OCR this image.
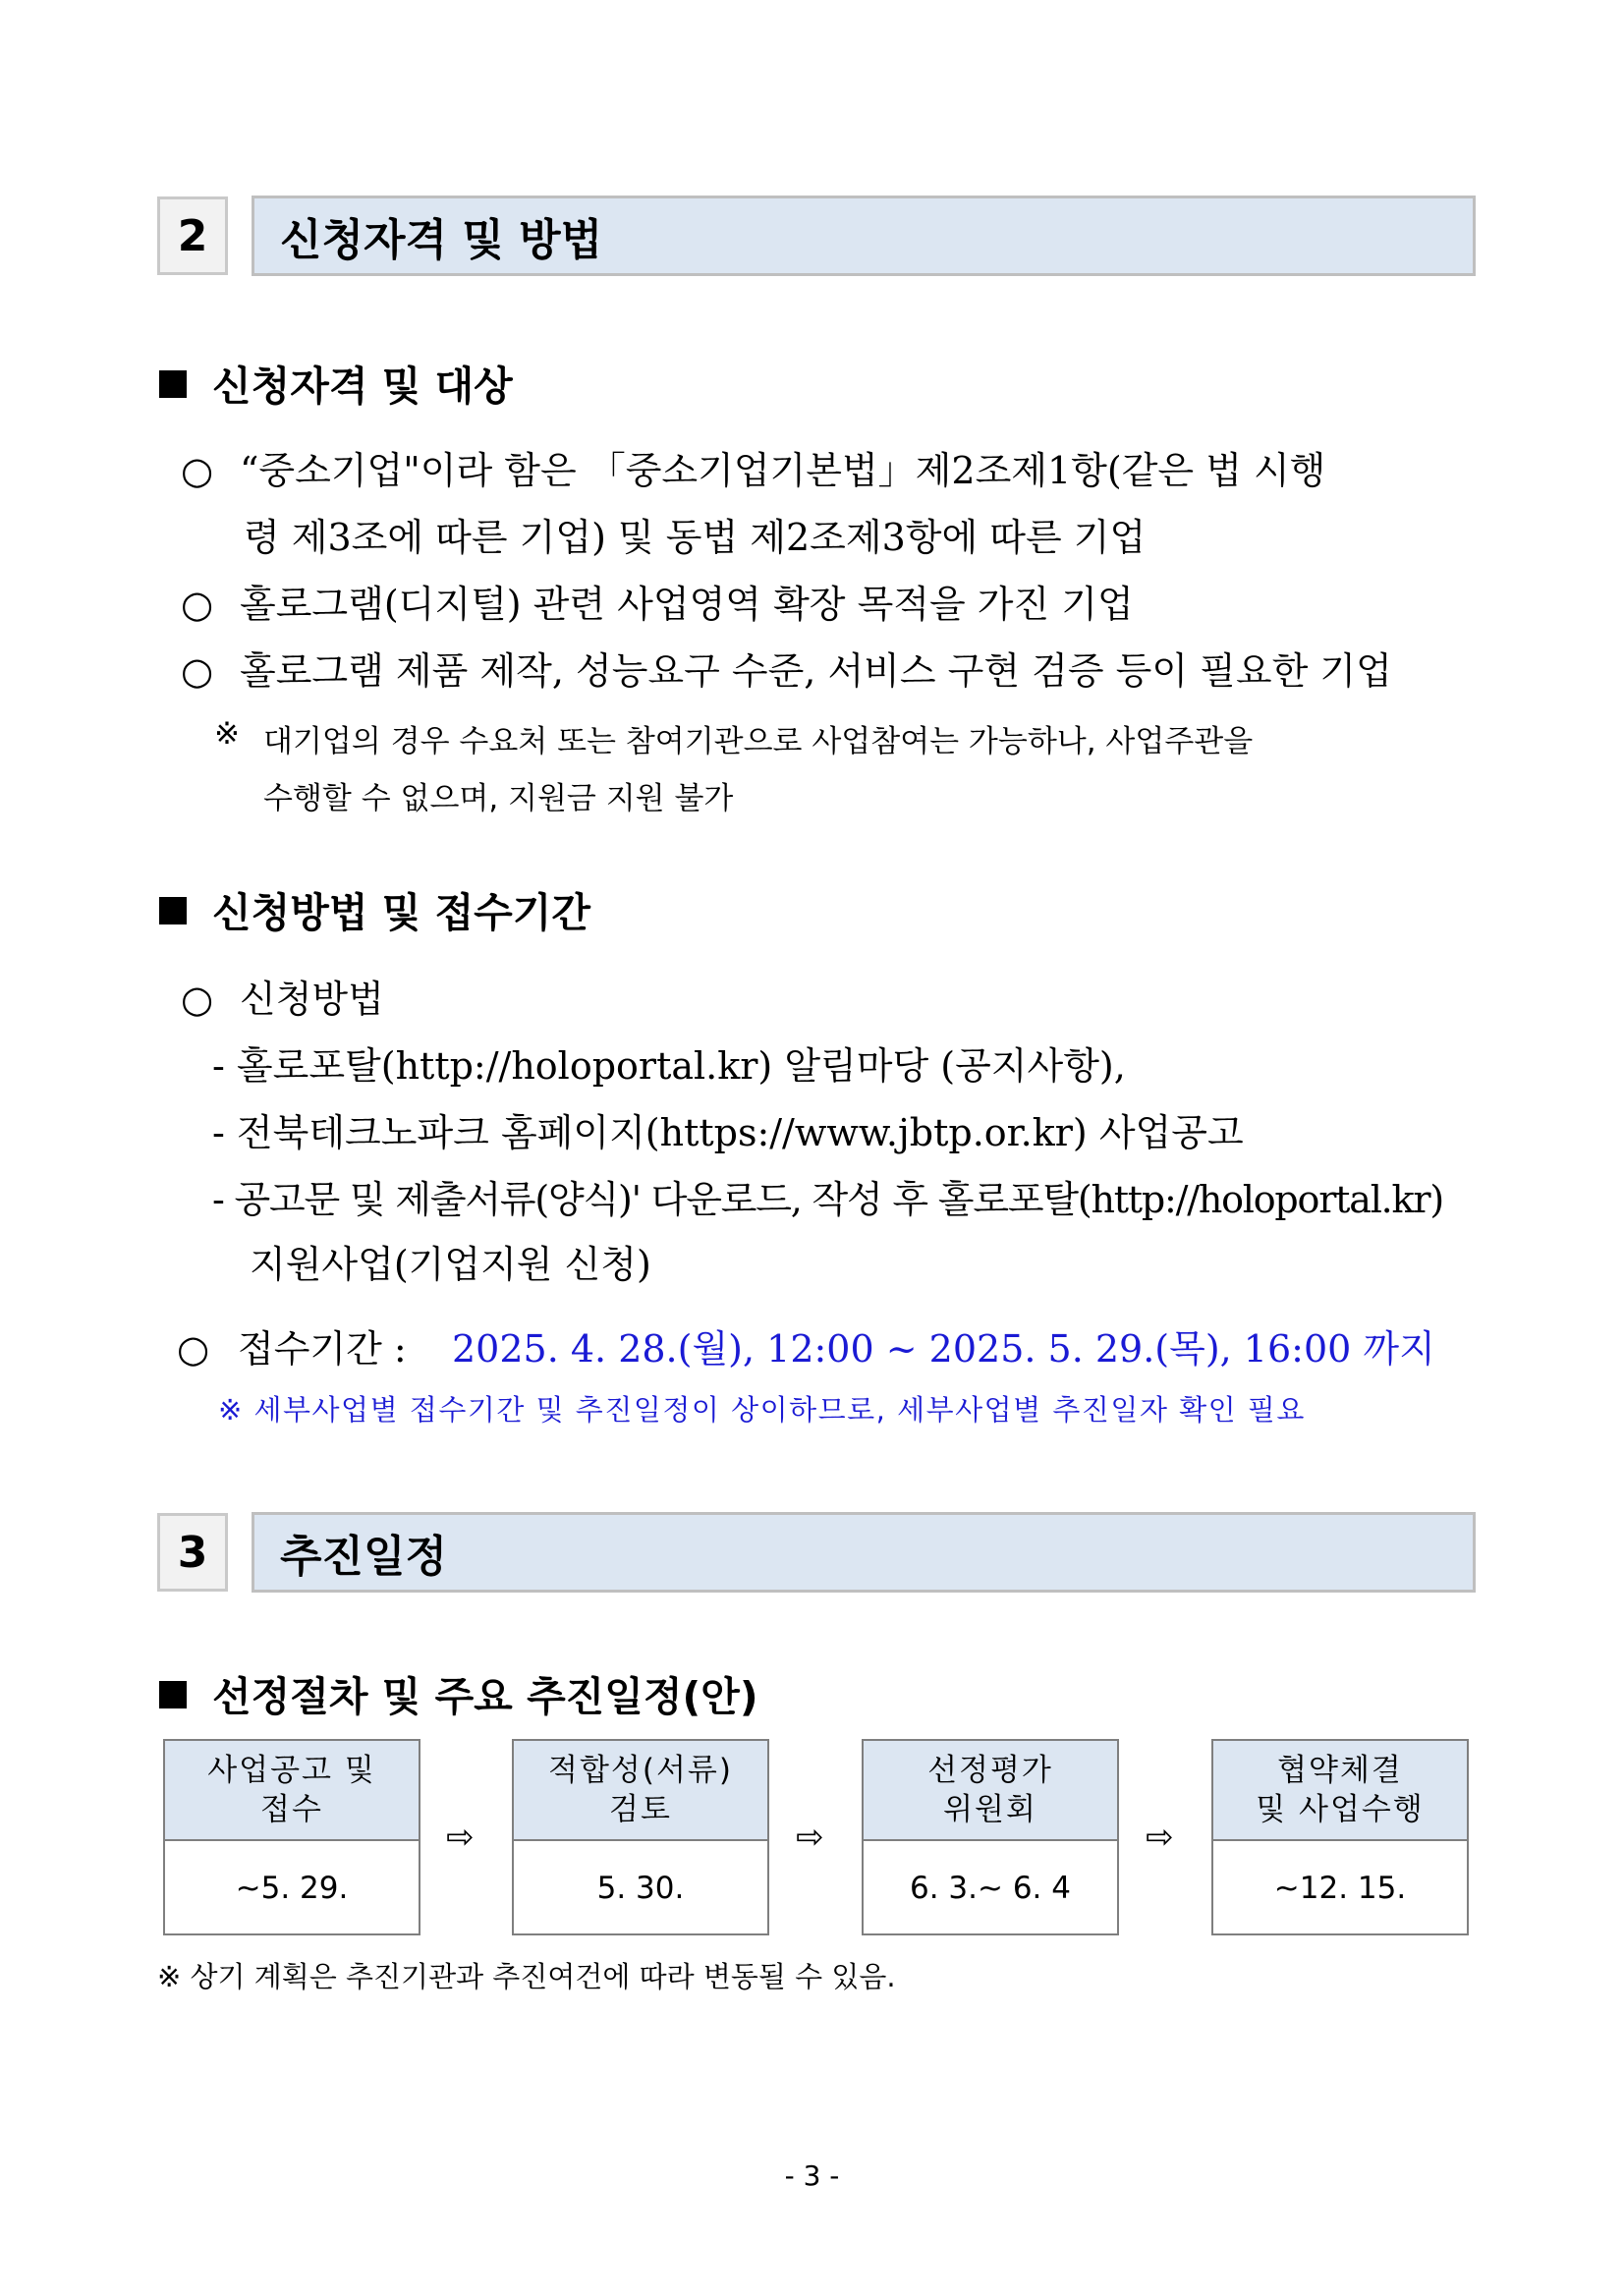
2	신청자격 및 방법
신청자격 및 대상
○ “중소기업"이라 함은 「중소기업기본법」제2조제1항(같은 법 시행
령 제3조에 따른 기업) 및 동법 제2조제3항에 따른 기업
○ 홀로그램(디지털) 관련 사업영역 확장 목적을 가진 기업
○ 홀로그램 제품 제작, 성능요구 수준, 서비스 구현 검증 등이 필요한 기업
※ 대기업의 경우 수요처 또는 참여기관으로 사업참여는 가능하나, 사업주관을
수행할 수 없으며, 지원금 지원 불가
신청방법 및 접수기간
○ 신청방법
- 홀로포탈(http://holoportal.kr) 알림마당 (공지사항),
- 전북테크노파크 홈페이지(https://www.jbtp.or.kr) 사업공고
- 공고문 및 제출서류(양식)' 다운로드, 작성 후 홀로포탈(http://holoportal.kr)
지원사업(기업지원 신청)
○ 접수기간 : 2025. 4. 28.(월), 12:00 ~ 2025. 5. 29.(목), 16:00 까지
※ 세부사업별 접수기간 및 추진일정이 상이하므로, 세부사업별 추진일자 확인 필요
3	추진일정
선정절차 및 주요 추진일정(안)
사업공고 및
접수
~5. 29.
⇨
적합성(서류)
검토
5. 30.
⇨
선정평가
위원회
6. 3.~ 6. 4
⇨
협약체결
및 사업수행
~12. 15.
※ 상기 계획은 추진기관과 추진여건에 따라 변동될 수 있음.
- 3 -
